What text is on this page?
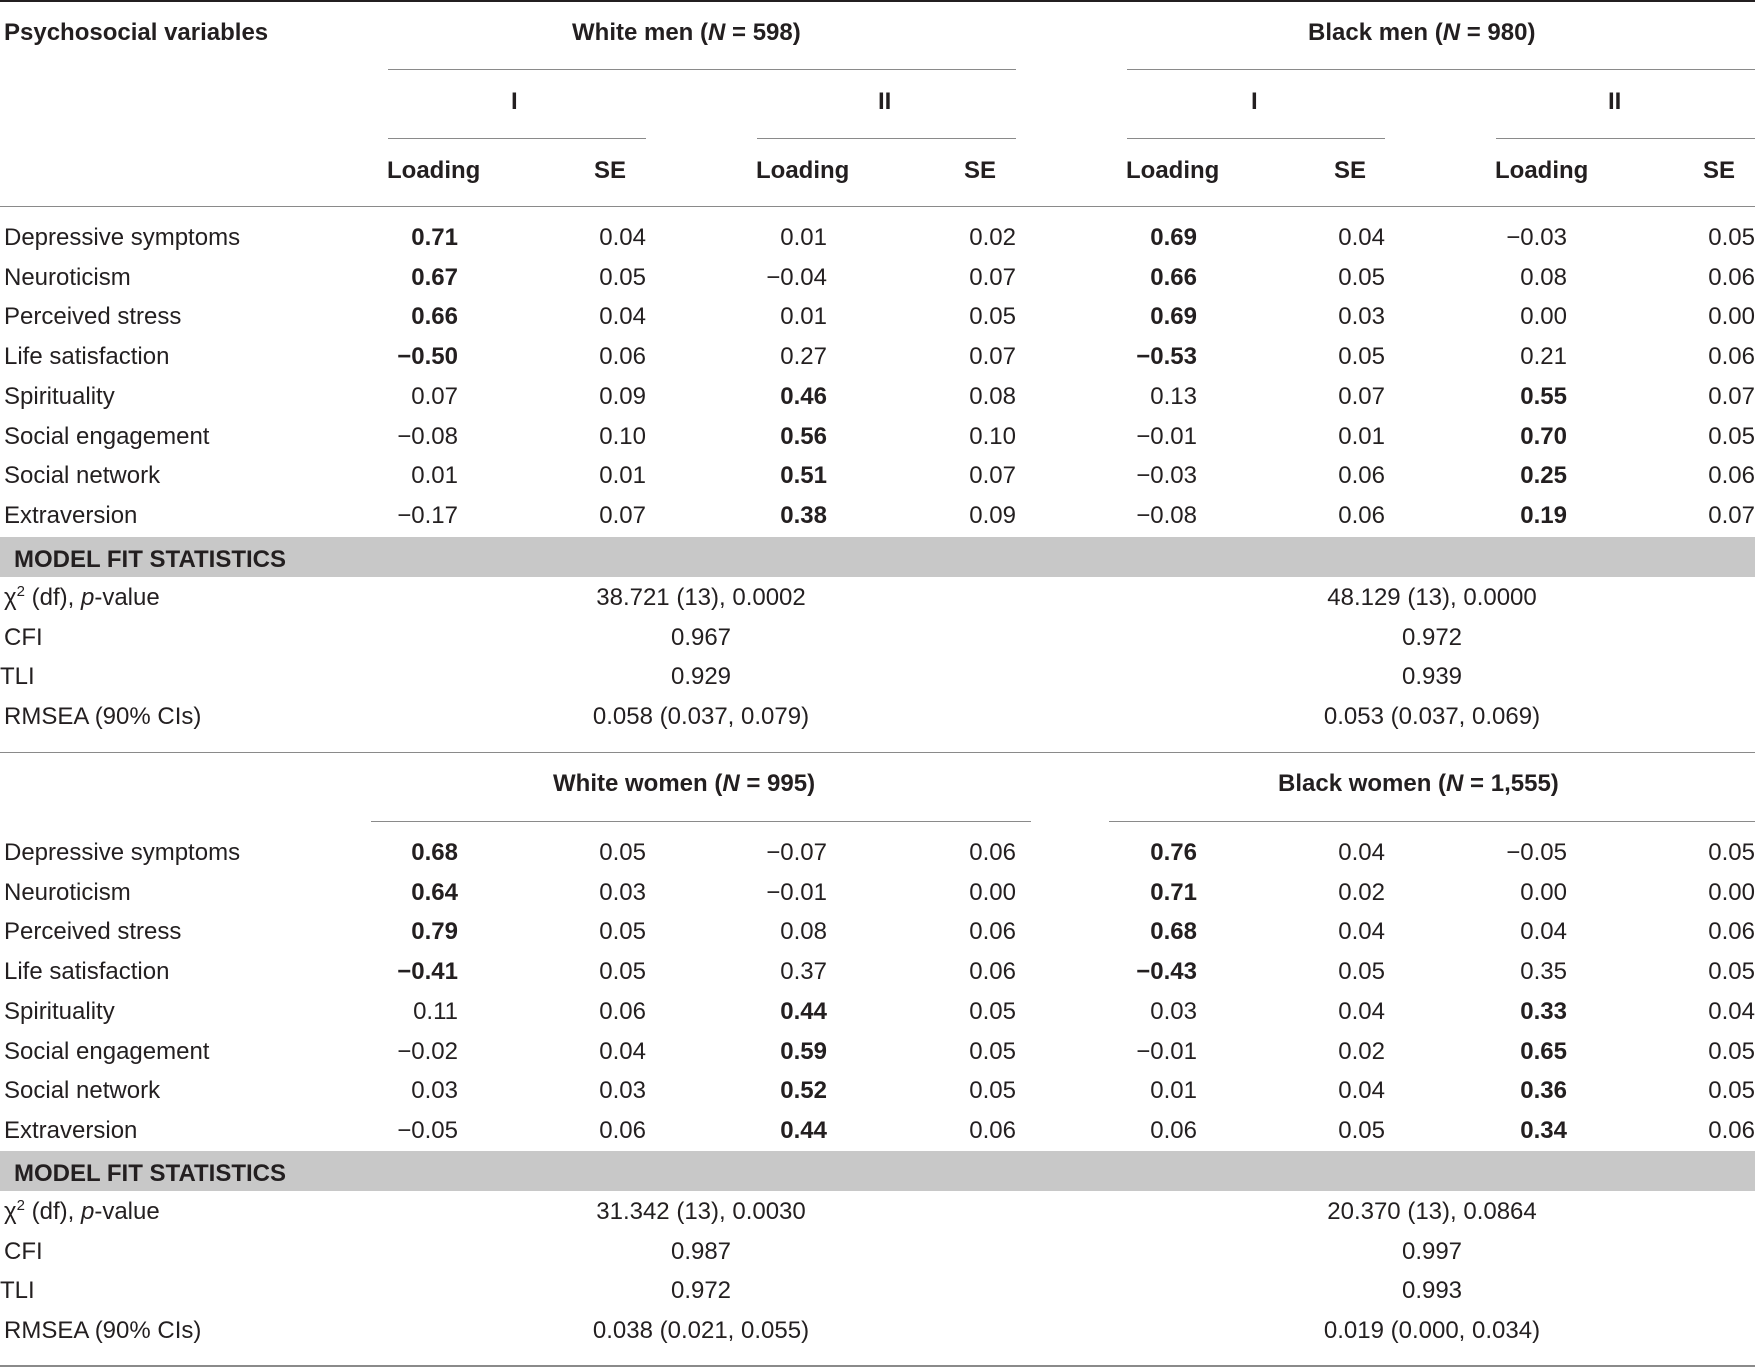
Psychosocial variables	White men (N = 598)	Black men (N = 980)
I	II	I	II
Loading	SE	Loading	SE	Loading	SE	Loading	SE
Depressive symptoms	0.71	0.04	0.01	0.02	0.69	0.04	−0.03	0.05
Neuroticism	0.67	0.05	−0.04	0.07	0.66	0.05	0.08	0.06
Perceived stress	0.66	0.04	0.01	0.05	0.69	0.03	0.00	0.00
Life satisfaction	−0.50	0.06	0.27	0.07	−0.53	0.05	0.21	0.06
Spirituality	0.07	0.09	0.46	0.08	0.13	0.07	0.55	0.07
Social engagement	−0.08	0.10	0.56	0.10	−0.01	0.01	0.70	0.05
Social network	0.01	0.01	0.51	0.07	−0.03	0.06	0.25	0.06
Extraversion	−0.17	0.07	0.38	0.09	−0.08	0.06	0.19	0.07
MODEL FIT STATISTICS
$\chi^2$ (df), p-value	38.721 (13), 0.0002	48.129 (13), 0.0000
CFI	0.967	0.972
TLI	0.929	0.939
RMSEA (90% CIs)	0.058 (0.037, 0.079)	0.053 (0.037, 0.069)
White women (N = 995)	Black women (N = 1,555)
Depressive symptoms	0.68	0.05	−0.07	0.06	0.76	0.04	−0.05	0.05
Neuroticism	0.64	0.03	−0.01	0.00	0.71	0.02	0.00	0.00
Perceived stress	0.79	0.05	0.08	0.06	0.68	0.04	0.04	0.06
Life satisfaction	−0.41	0.05	0.37	0.06	−0.43	0.05	0.35	0.05
Spirituality	0.11	0.06	0.44	0.05	0.03	0.04	0.33	0.04
Social engagement	−0.02	0.04	0.59	0.05	−0.01	0.02	0.65	0.05
Social network	0.03	0.03	0.52	0.05	0.01	0.04	0.36	0.05
Extraversion	−0.05	0.06	0.44	0.06	0.06	0.05	0.34	0.06
MODEL FIT STATISTICS
$\chi^2$ (df), p-value	31.342 (13), 0.0030	20.370 (13), 0.0864
CFI	0.987	0.997
TLI	0.972	0.993
RMSEA (90% CIs)	0.038 (0.021, 0.055)	0.019 (0.000, 0.034)
